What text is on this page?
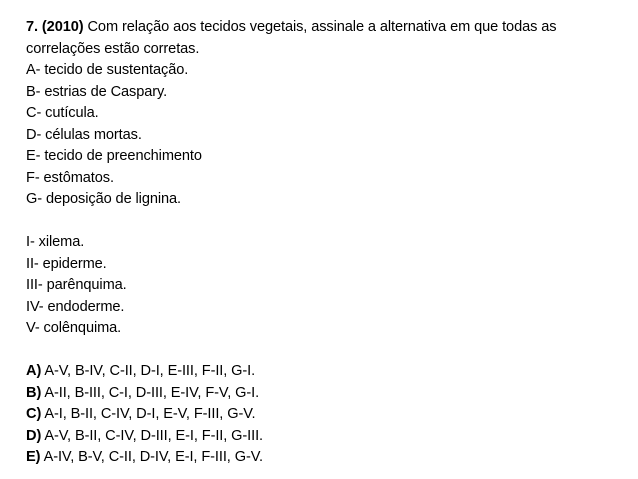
7. (2010) Com relação aos tecidos vegetais, assinale a alternativa em que todas as correlações estão corretas.
A- tecido de sustentação.
B- estrias de Caspary.
C- cutícula.
D- células mortas.
E- tecido de preenchimento
F- estômatos.
G- deposição de lignina.
I- xilema.
II- epiderme.
III- parênquima.
IV- endoderme.
V- colênquima.
A) A-V, B-IV, C-II, D-I, E-III, F-II, G-I.
B) A-II, B-III, C-I, D-III, E-IV, F-V, G-I.
C) A-I, B-II, C-IV, D-I, E-V, F-III, G-V.
D) A-V, B-II, C-IV, D-III, E-I, F-II, G-III.
E) A-IV, B-V, C-II, D-IV, E-I, F-III, G-V.
